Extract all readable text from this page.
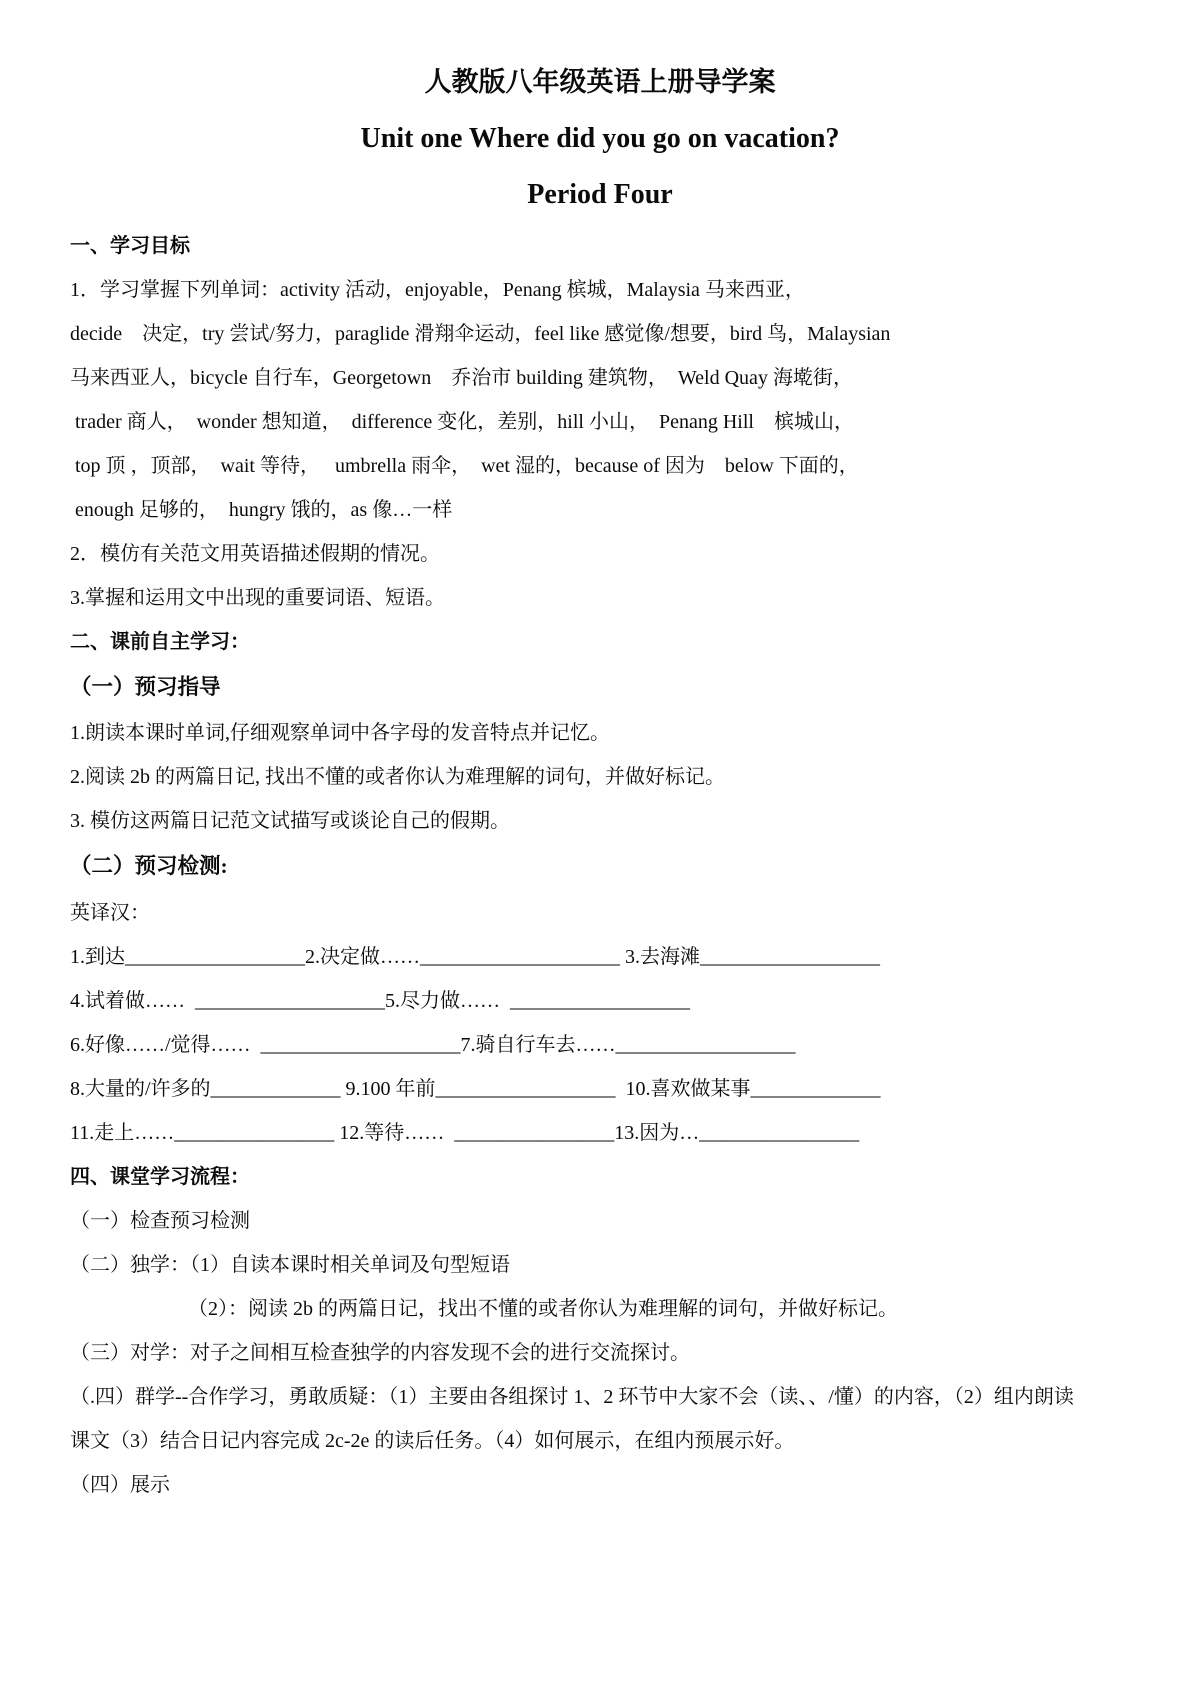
人教版八年级英语上册导学案
Unit one Where did you go on vacation?
Period Four

一、学习目标

1．学习掌握下列单词：activity 活动，enjoyable，Penang 槟城，Malaysia 马来西亚，

decide　决定，try 尝试/努力，paraglide 滑翔伞运动，feel like 感觉像/想要，bird 鸟，Malaysian

马来西亚人，bicycle 自行车，Georgetown　乔治市 building 建筑物，　Weld Quay 海墘街，

trader 商人，　wonder 想知道，　difference 变化，差别，hill 小山，　Penang Hill　槟城山，

top 顶 ，顶部，　wait 等待，　 umbrella 雨伞，　wet 湿的，because of 因为　below 下面的，

enough 足够的，　hungry 饿的，as 像…一样

2．模仿有关范文用英语描述假期的情况。

3.掌握和运用文中出现的重要词语、短语。

二、课前自主学习：

（一）预习指导

1.朗读本课时单词,仔细观察单词中各字母的发音特点并记忆。

2.阅读 2b 的两篇日记, 找出不懂的或者你认为难理解的词句，并做好标记。

3. 模仿这两篇日记范文试描写或谈论自己的假期。

（二）预习检测:

英译汉：

1.到达__________________2.决定做……____________________ 3.去海滩__________________

4.试着做……  ___________________5.尽力做……  __________________

6.好像……/觉得……  ____________________7.骑自行车去……__________________

8.大量的/许多的_____________ 9.100 年前__________________  10.喜欢做某事_____________

11.走上……________________ 12.等待……  ________________13.因为…________________

四、课堂学习流程：

（一）检查预习检测

（二）独学：（1）自读本课时相关单词及句型短语

（2）：阅读 2b 的两篇日记，找出不懂的或者你认为难理解的词句，并做好标记。

（三）对学：对子之间相互检查独学的内容发现不会的进行交流探讨。

（.四）群学--合作学习，勇敢质疑：（1）主要由各组探讨 1、2 环节中大家不会（读、、/懂）的内容，（2）组内朗读

课文（3）结合日记内容完成 2c-2e 的读后任务。（4）如何展示，在组内预展示好。

（四）展示
